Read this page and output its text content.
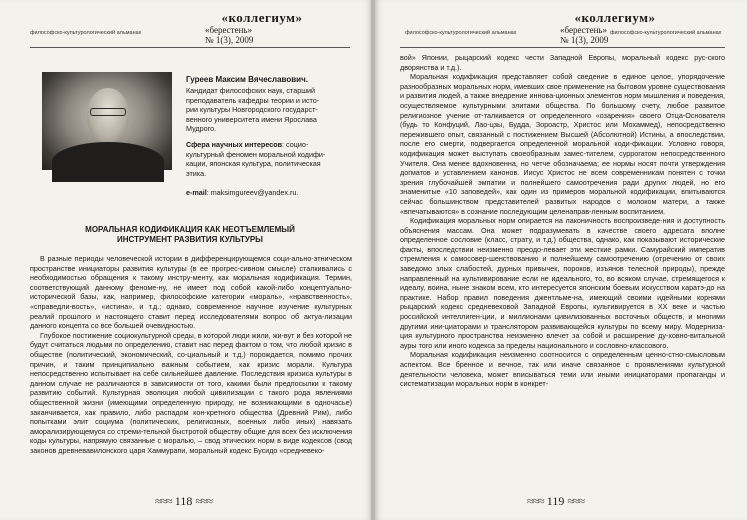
«коллегиум»
философско-культурологический альманах	«берестень»
№ 1(3), 2009
Гуреев Максим Вячеславович.
Кандидат философских наук, старший
преподаватель кафедры теории и исто-
рии культуры Новгородского государст-
венного университета имени Ярослава
Мудрого.
Сфера научных интересов: социо-
культурный феномен моральной кодифи-
кации, японская культура, политическая
этика.
e-mail: maksimgureev@yandex.ru.
МОРАЛЬНАЯ КОДИФИКАЦИЯ КАК НЕОТЪЕМЛЕМЫЙ
ИНСТРУМЕНТ РАЗВИТИЯ КУЛЬТУРЫ

В разные периоды человеческой истории в дифференцирующемся соци-ально-этническом пространстве инициаторы развития культуры (в ее прогрес-сивном смысле) сталкивались с необходимостью обращения к такому инстру-менту, как моральная кодификация. Термин, соответствующий данному феноме-ну, не имеет под собой какой-либо концептуально-исторической базы, как, например, философские категории «мораль», «нравственность», «справедли-вость», «истина», и т.д.; однако, современное научное изучение культурных реалий прошлого и настоящего ставит перед исследователями вопрос об актуа-лизации данного концепта со все большей очевидностью.

Глубокое постижение социокультурной среды, в которой люди жили, жи-вут и без которой не будут считаться людьми по определению, ставит нас перед фактом о том, что любой кризис в обществе (политический, экономический, со-циальный и т.д.) порождается, помимо прочих причин, и таким принципиально важным событием, как кризис морали. Культура непосредственно испытывает на себе сильнейшее давление. Последствия кризиса культуры в данном случае не различаются в зависимости от того, какими были предпосылки к такому развитию событий. Культурная эволюция любой цивилизации с такого рода явлениями общественной жизни (имеющими определенную природу, не возникающими в одночасье) заканчивается, как правило, либо распадом кон-кретного общества (Древний Рим), либо попытками элит социума (политических, религиозных, военных либо иных) навязать аморализирующемуся со стреми-тельной быстротой обществу общие для всех без исключения коды культуры, напрямую связанные с моралью, – свод этических норм в виде кодексов (свод законов древневавилонского царя Хаммурапи, моральный кодекс Бусидо «средневеко-

≈≈≈ 118 ≈≈≈
«коллегиум»
философско-культурологический альманах	«берестень»
№ 1(3), 2009
философско-культурологический альманах

вой» Японии, рыцарский кодекс чести Западной Европы, моральный кодекс рус-ского дворянства и т.д.).

Моральная кодификация представляет собой сведение в единое целое, упорядочение разнообразных моральных норм, имевших свое применение на бытовом уровне существования и развития людей, а также внедрение иннова-ционных элементов норм мышления и поведения, осуществляемое культурными элитами общества. По большому счету, любое развитое религиозное учение от-талкивается от определенного «озарения» своего Отца-Основателя (будь то Конфуций, Лао-цзы, Будда, Зороастр, Христос или Мохаммед), непосредственно пережившего опыт, связанный с постижением Высшей (Абсолютной) Истины, а впоследствии, после его смерти, подвергается определенной моральной коди-фикации. Условно говоря, кодификация может выступать своеобразным замес-тителем, суррогатом непосредственного Учителя. Она менее вдохновенна, но четче обозначаема; ее нормы носят почти утверждения догматов и уставлением канонов. Иисус Христос не всем современникам понятен с точки зрения глубочайшей эмпатии и полнейшего самоотречения ради других людей, но его знаменитые «10 заповедей», как один из примеров моральной кодификации, впитываются сейчас большинством представителей развитых народов с молоком матери, а также «впечатываются» в сознание последующим целенаправ-ленным воспитанием.

Кодификация моральных норм опирается на лаконичность воспроизведе-ния и доступность объяснения массам. Она может подразумевать в качестве своего адресата вполне определенное сословие (класс, страту, и т.д.) общества, однако, как показывают исторические факты, впоследствии неизменно преодо-левает эти жесткие рамки. Самурайский императив стремления к самосовер-шенствованию и полнейшему самоотречению (отречению от своих заведомо злых слабостей, дурных привычек, пороков, изъянов телесной природы), прежде направленный на культивирование если не идеального, то, во всяком случае, стремящегося к идеалу, воина, ныне знаком всем, кто интересуется японским боевым искусством каратэ-до на практике. Набор правил поведения джентльме-на, имеющий своими идейными корнями рыцарский кодекс средневековой Западной Европы, культивируется в XX веке и частью российской интеллиген-ции, и миллионами цивилизованных восточных обществ, и многими другими ини-циаторами и транслятором развивающейся культуры по всему миру. Модерниза-ция культурного пространства неизменно влечет за собой и расширение ду-ховно-витальной ауры того или иного кодекса за пределы национального и сословно-классового.

Моральная кодификация неизменно соотносится с определенным ценно-стно-смысловым аспектом. Все бренное и вечное, так или иначе связанное с проявлениями культурной деятельности человека, может вписываться теми или иными инициаторами пропаганды и систематизации моральных норм в конкрет-

≈≈≈ 119 ≈≈≈
